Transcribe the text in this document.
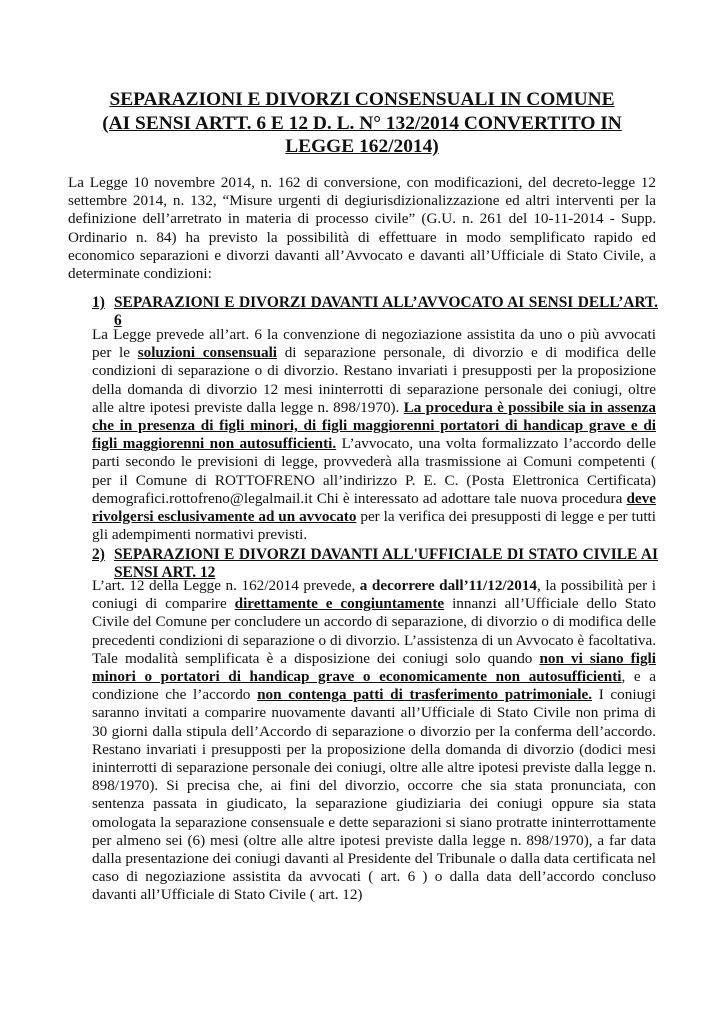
SEPARAZIONI E DIVORZI CONSENSUALI IN COMUNE
(AI SENSI ARTT. 6 E 12 D. L. N° 132/2014 CONVERTITO IN
LEGGE 162/2014)
La Legge 10 novembre 2014, n. 162 di conversione, con modificazioni, del decreto-legge 12 settembre 2014, n. 132, “Misure urgenti di degiurisdizionalizzazione ed altri interventi per la definizione dell’arretrato in materia di processo civile” (G.U. n. 261 del 10-11-2014 - Supp. Ordinario n. 84) ha previsto la possibilità di effettuare in modo semplificato rapido ed economico separazioni e divorzi davanti all’Avvocato e davanti all’Ufficiale di Stato Civile, a determinate condizioni:
1) SEPARAZIONI E DIVORZI DAVANTI ALL’AVVOCATO AI SENSI DELL’ART. 6
La Legge prevede all’art. 6 la convenzione di negoziazione assistita da uno o più avvocati per le soluzioni consensuali di separazione personale, di divorzio e di modifica delle condizioni di separazione o di divorzio. Restano invariati i presupposti per la proposizione della domanda di divorzio 12 mesi ininterrotti di separazione personale dei coniugi, oltre alle altre ipotesi previste dalla legge n. 898/1970). La procedura è possibile sia in assenza che in presenza di figli minori, di figli maggiorenni portatori di handicap grave e di figli maggiorenni non autosufficienti. L’avvocato, una volta formalizzato l’accordo delle parti secondo le previsioni di legge, provvederà alla trasmissione ai Comuni competenti ( per il Comune di ROTTOFRENO all’indirizzo P. E. C. (Posta Elettronica Certificata) demografici.rottofreno@legalmail.it Chi è interessato ad adottare tale nuova procedura deve rivolgersi esclusivamente ad un avvocato per la verifica dei presupposti di legge e per tutti gli adempimenti normativi previsti.
2) SEPARAZIONI E DIVORZI DAVANTI ALL'UFFICIALE DI STATO CIVILE AI SENSI ART. 12
L’art. 12 della Legge n. 162/2014 prevede, a decorrere dall’11/12/2014, la possibilità per i coniugi di comparire direttamente e congiuntamente innanzi all’Ufficiale dello Stato Civile del Comune per concludere un accordo di separazione, di divorzio o di modifica delle precedenti condizioni di separazione o di divorzio. L’assistenza di un Avvocato è facoltativa. Tale modalità semplificata è a disposizione dei coniugi solo quando non vi siano figli minori o portatori di handicap grave o economicamente non autosufficienti, e a condizione che l’accordo non contenga patti di trasferimento patrimoniale. I coniugi saranno invitati a comparire nuovamente davanti all’Ufficiale di Stato Civile non prima di 30 giorni dalla stipula dell’Accordo di separazione o divorzio per la conferma dell’accordo. Restano invariati i presupposti per la proposizione della domanda di divorzio (dodici mesi ininterrotti di separazione personale dei coniugi, oltre alle altre ipotesi previste dalla legge n. 898/1970). Si precisa che, ai fini del divorzio, occorre che sia stata pronunciata, con sentenza passata in giudicato, la separazione giudiziaria dei coniugi oppure sia stata omologata la separazione consensuale e dette separazioni si siano protratte ininterrottamente per almeno sei (6) mesi (oltre alle altre ipotesi previste dalla legge n. 898/1970), a far data dalla presentazione dei coniugi davanti al Presidente del Tribunale o dalla data certificata nel caso di negoziazione assistita da avvocati ( art. 6 ) o dalla data dell’accordo concluso davanti all’Ufficiale di Stato Civile ( art. 12)
